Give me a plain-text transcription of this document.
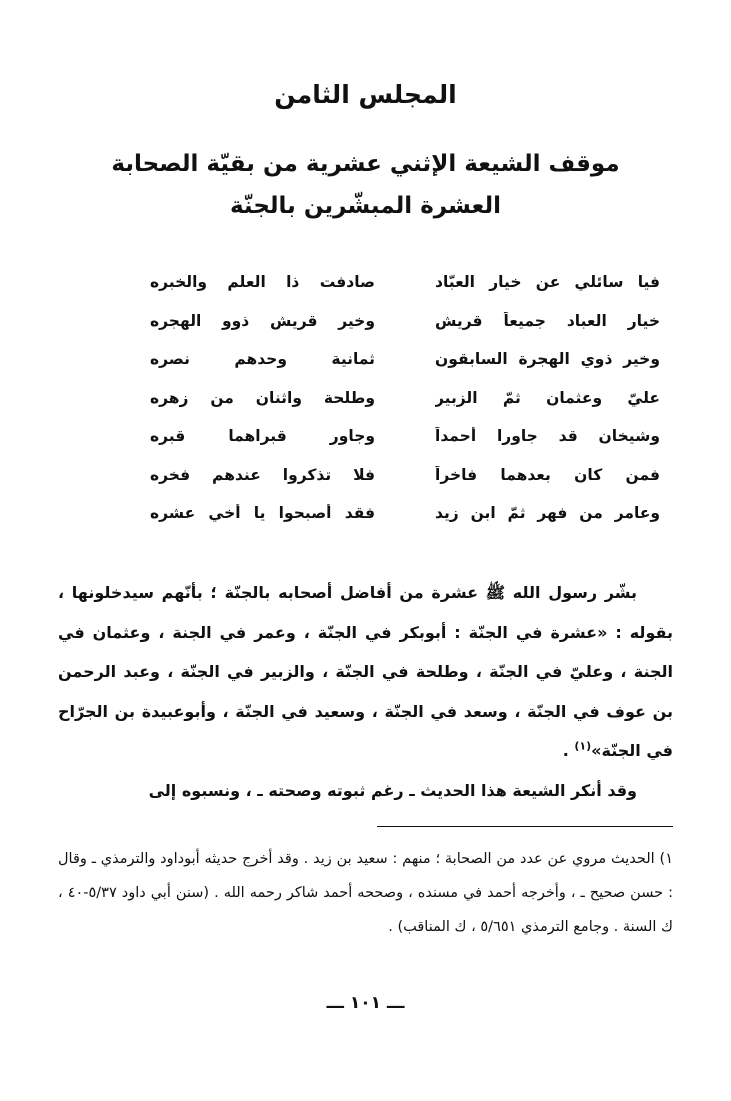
المجلس الثامن
موقف الشيعة الإثني عشرية من بقيّة الصحابة العشرة المبشّرين بالجنّة
فيا سائلي عن خيار العبّاد
صادفت ذا العلم والخبره
خيار العباد جميعاً قريش
وخير قريش ذوو الهجره
وخير ذوي الهجرة السابقون
ثمانية وحدهم نصره
عليّ وعثمان ثمّ الزبير
وطلحة واثنان من زهره
وشيخان قد جاورا أحمداً
وجاور قبراهما قبره
فمن كان بعدهما فاخراً
فلا تذكروا عندهم فخره
وعامر من فهر ثمّ ابن زيد
فقد أصبحوا يا أخي عشره

بشّر رسول الله ﷺ عشرة من أفاضل أصحابه بالجنّة ؛ بأنّهم سيدخلونها ، بقوله : «عشرة في الجنّة : أبوبكر في الجنّة ، وعمر في الجنة ، وعثمان في الجنة ، وعليّ في الجنّة ، وطلحة في الجنّة ، والزبير في الجنّة ، وعبد الرحمن بن عوف في الجنّة ، وسعد في الجنّة ، وسعيد في الجنّة ، وأبوعبيدة بن الجرّاح في الجنّة»$^{(١)}$ .

وقد أنكر الشيعة هذا الحديث ـ رغم ثبوته وصحته ـ ، ونسبوه إلى

١) الحديث مروي عن عدد من الصحابة ؛ منهم : سعيد بن زيد . وقد أخرج حديثه أبوداود والترمذي ـ وقال : حسن صحيح ـ ، وأخرجه أحمد في مسنده ، وصححه أحمد شاكر رحمه الله . (سنن أبي داود ٥/٣٧-٤٠ ، ك السنة . وجامع الترمذي ٥/٦٥١ ، ك المناقب) .
ـــ ١٠١ ـــ
